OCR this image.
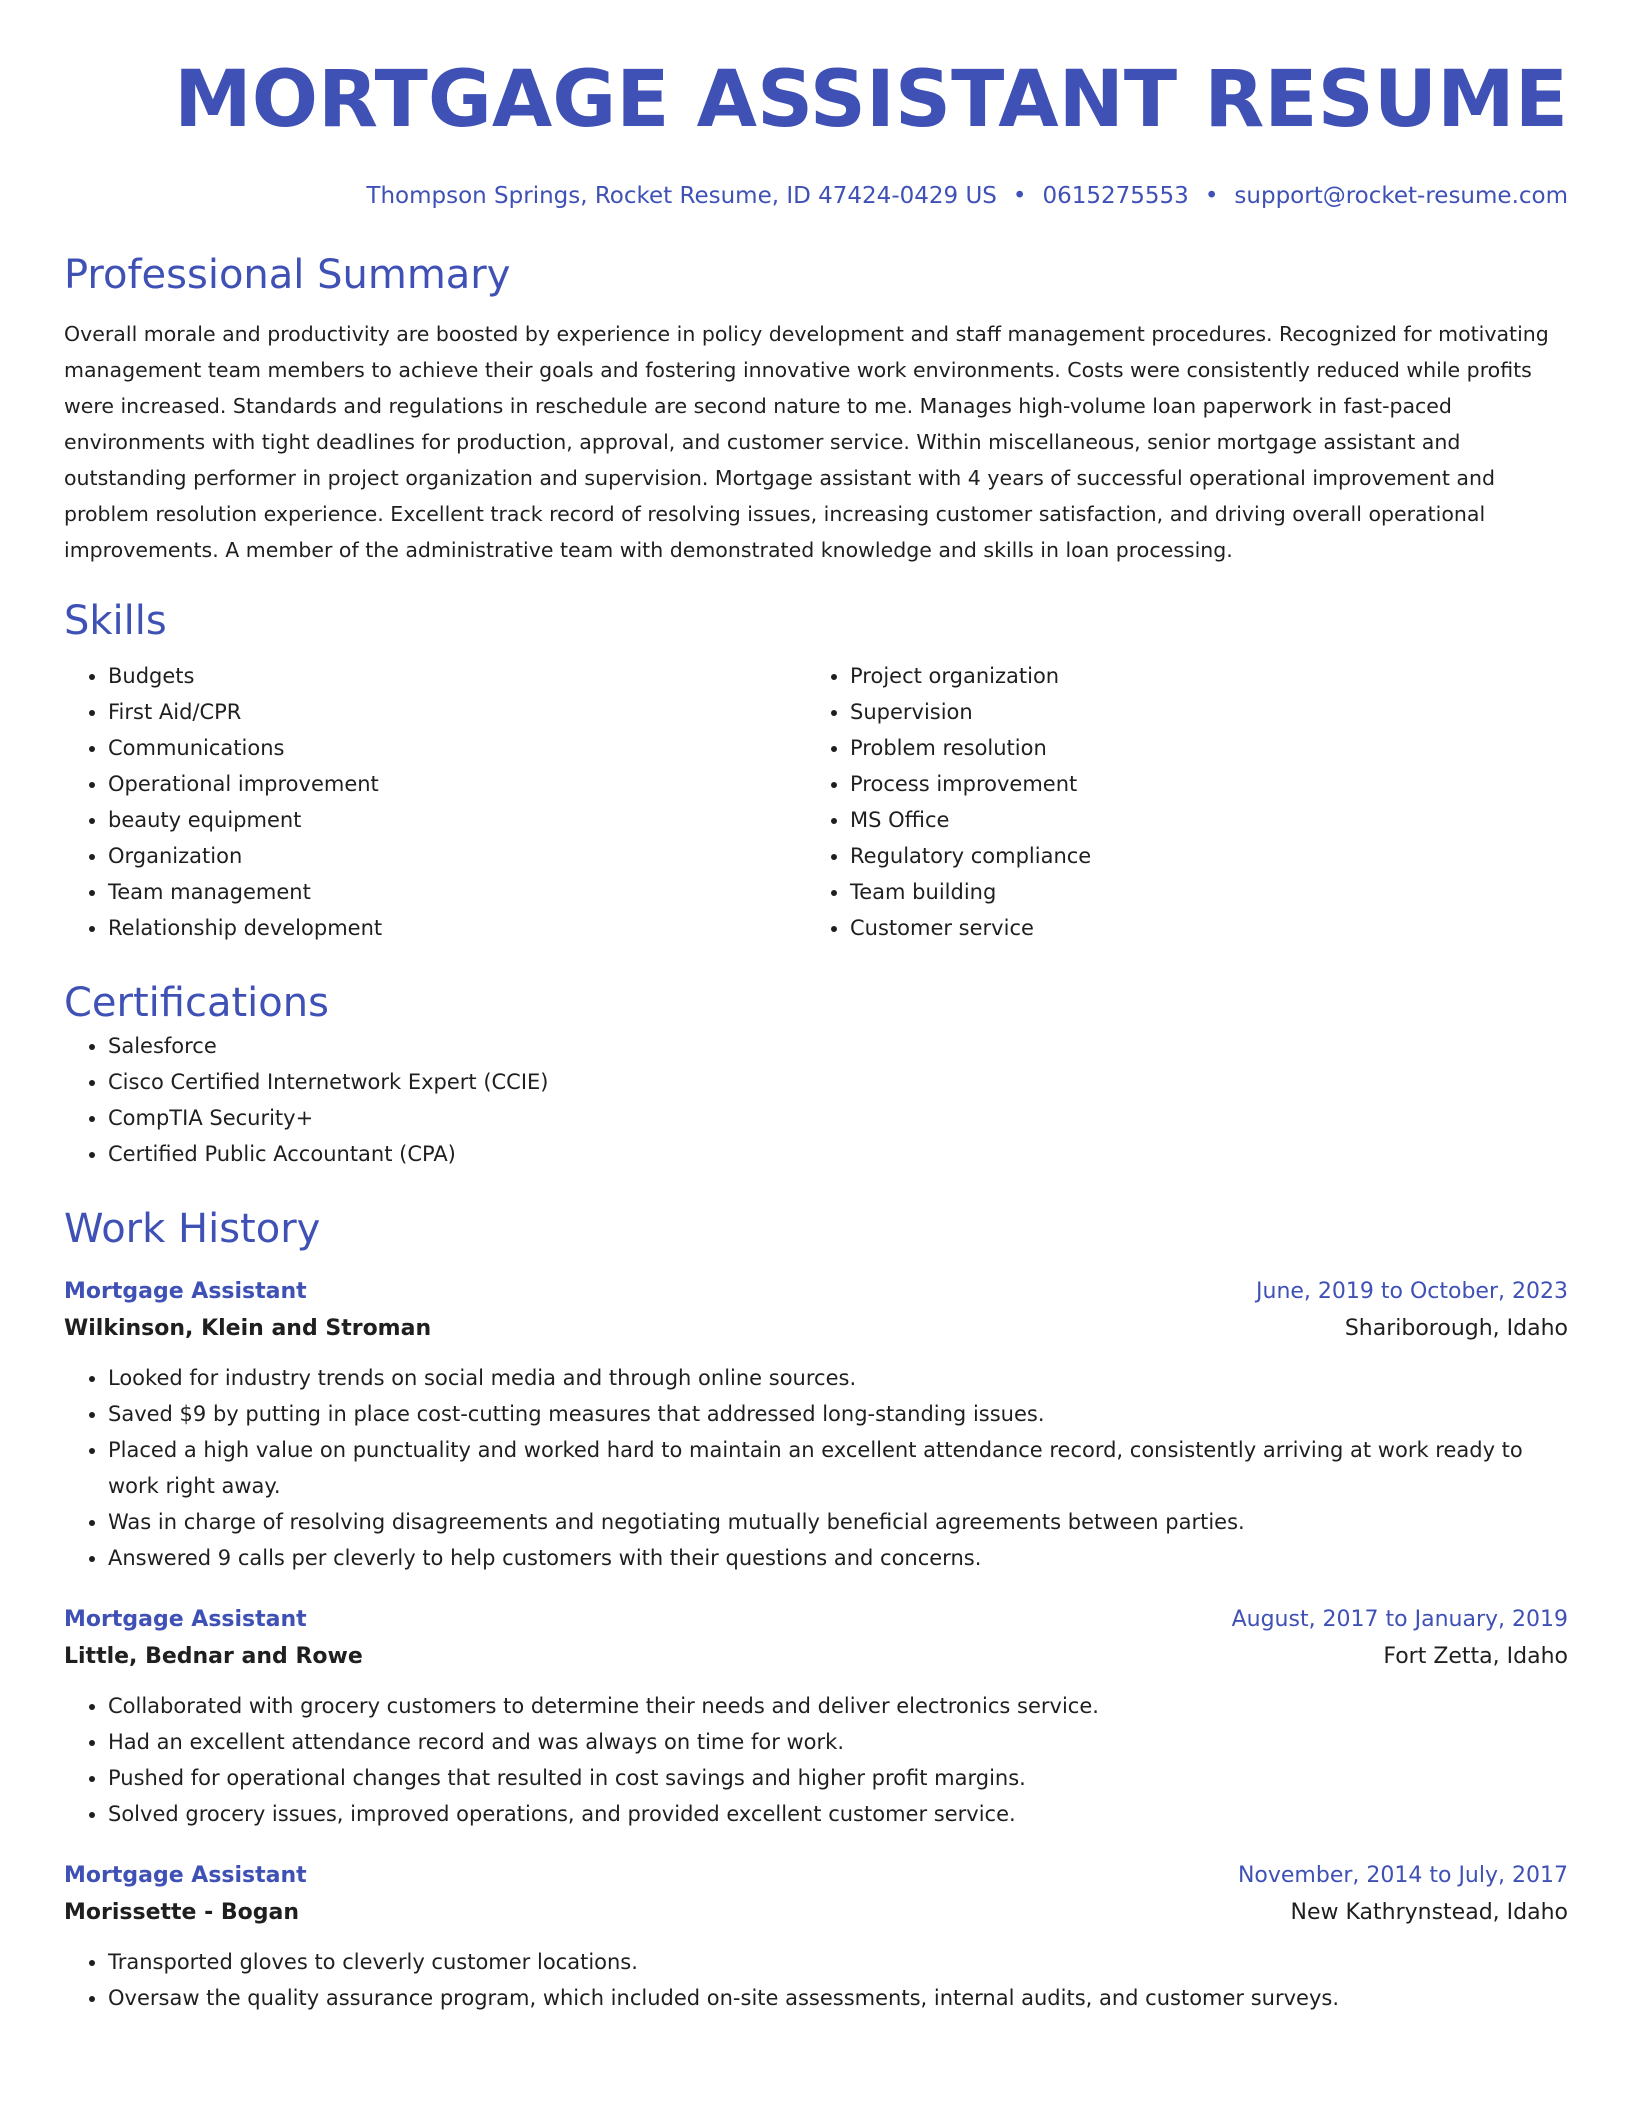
MORTGAGE ASSISTANT RESUME
Thompson Springs, Rocket Resume, ID 47424-0429 US • 0615275553 • support@rocket-resume.com
Professional Summary
Overall morale and productivity are boosted by experience in policy development and staff management procedures. Recognized for motivating management team members to achieve their goals and fostering innovative work environments. Costs were consistently reduced while profits were increased. Standards and regulations in reschedule are second nature to me. Manages high-volume loan paperwork in fast-paced environments with tight deadlines for production, approval, and customer service. Within miscellaneous, senior mortgage assistant and outstanding performer in project organization and supervision. Mortgage assistant with 4 years of successful operational improvement and problem resolution experience. Excellent track record of resolving issues, increasing customer satisfaction, and driving overall operational improvements. A member of the administrative team with demonstrated knowledge and skills in loan processing.
Skills
• Budgets
• First Aid/CPR
• Communications
• Operational improvement
• beauty equipment
• Organization
• Team management
• Relationship development
• Project organization
• Supervision
• Problem resolution
• Process improvement
• MS Office
• Regulatory compliance
• Team building
• Customer service
Certifications
• Salesforce
• Cisco Certified Internetwork Expert (CCIE)
• CompTIA Security+
• Certified Public Accountant (CPA)
Work History
Mortgage Assistant	June, 2019 to October, 2023
Wilkinson, Klein and Stroman	Shariborough, Idaho
• Looked for industry trends on social media and through online sources.
• Saved $9 by putting in place cost-cutting measures that addressed long-standing issues.
• Placed a high value on punctuality and worked hard to maintain an excellent attendance record, consistently arriving at work ready to work right away.
• Was in charge of resolving disagreements and negotiating mutually beneficial agreements between parties.
• Answered 9 calls per cleverly to help customers with their questions and concerns.
Mortgage Assistant	August, 2017 to January, 2019
Little, Bednar and Rowe	Fort Zetta, Idaho
• Collaborated with grocery customers to determine their needs and deliver electronics service.
• Had an excellent attendance record and was always on time for work.
• Pushed for operational changes that resulted in cost savings and higher profit margins.
• Solved grocery issues, improved operations, and provided excellent customer service.
Mortgage Assistant	November, 2014 to July, 2017
Morissette - Bogan	New Kathrynstead, Idaho
• Transported gloves to cleverly customer locations.
• Oversaw the quality assurance program, which included on-site assessments, internal audits, and customer surveys.
